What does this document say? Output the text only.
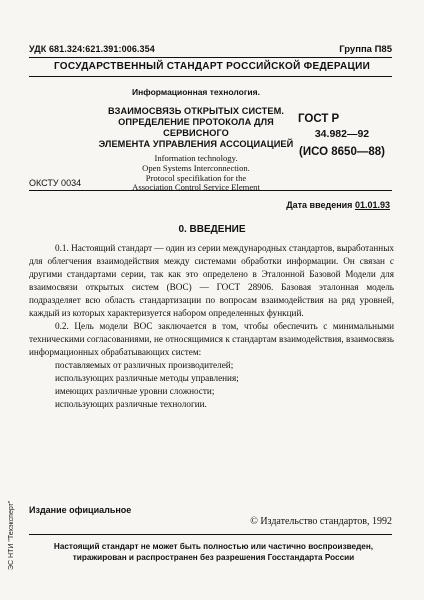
УДК 681.324:621.391:006.354	Группа П85
ГОСУДАРСТВЕННЫЙ СТАНДАРТ РОССИЙСКОЙ ФЕДЕРАЦИИ
Информационная технология.
ВЗАИМОСВЯЗЬ ОТКРЫТЫХ СИСТЕМ.
ОПРЕДЕЛЕНИЕ ПРОТОКОЛА ДЛЯ СЕРВИСНОГО
ЭЛЕМЕНТА УПРАВЛЕНИЯ АССОЦИАЦИЕЙ
Information technology.
Open Systems Interconnection.
Protocol specifikation for the
Association Control Service Element
ГОСТ Р
34.982—92
(ИСО 8650—88)
ОКСТУ 0034
Дата введения 01.01.93
0. ВВЕДЕНИЕ

0.1. Настоящий стандарт — один из серии международных стандартов, выработанных для облегчения взаимодействия между системами обработки информации. Он связан с другими стандартами серии, так как это определено в Эталонной Базовой Модели для взаимосвязи открытых систем (ВОС) — ГОСТ 28906. Базовая эталонная модель подразделяет всю область стандартизации по вопросам взаимодействия на ряд уровней, каждый из которых характеризуется набором определенных функций.

0.2. Цель модели ВОС заключается в том, чтобы обеспечить с минимальными техническими согласованиями, не относящимися к стандартам взаимодействия, взаимосвязь информационных обрабатывающих систем:

поставляемых от различных производителей;
использующих различные методы управления;
имеющих различные уровни сложности;
использующих различные технологии.
ЭС НТИ "Техэксперт" Издание официальное
© Издательство стандартов, 1992
Настоящий стандарт не может быть полностью или частично воспроизведен, тиражирован и распространен без разрешения Госстандарта России
